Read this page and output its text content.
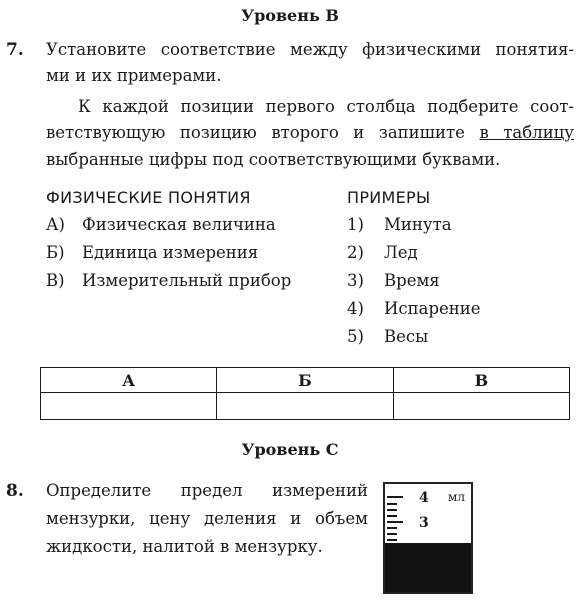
Уровень B
7. Установите соответствие между физическими понятия-
ми и их примерами.
К каждой позиции первого столбца подберите соот-
ветствующую позицию второго и запишите в таблицу
выбранные цифры под соответствующими буквами.
ФИЗИЧЕСКИЕ ПОНЯТИЯ	ПРИМЕРЫ
А) Физическая величина
Б) Единица измерения
В) Измерительный прибор
1) Минута
2) Лед
3) Время
4) Испарение
5) Весы
А	Б	В

Уровень С
8. Определите предел измерений
мензурки, цену деления и объем
жидкости, налитой в мензурку.
4
3
мл
